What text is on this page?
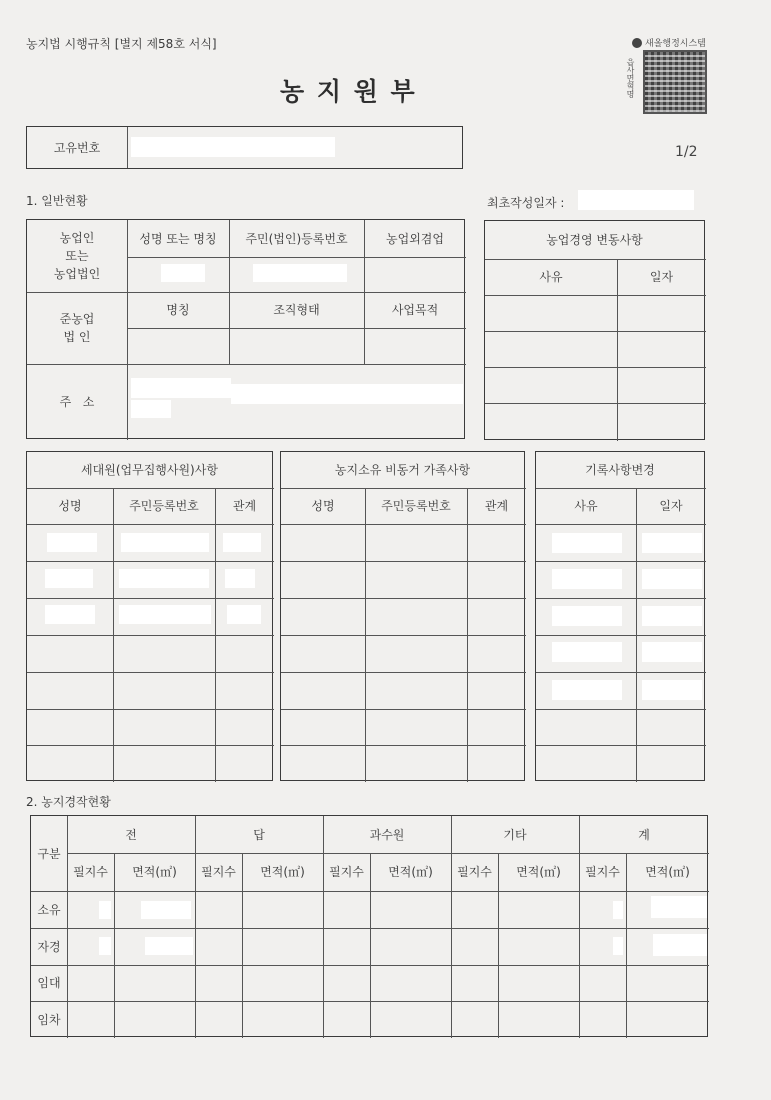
농지법 시행규칙 [별지 제58호 서식]
농 지 원 부
새올행정시스템
읍사면혁명
1/2
고유번호
1. 일반현황	최초작성일자 :
농업인
또는
농업법인
성명 또는 명칭	주민(법인)등록번호	농업외겸업
준농업
법 인
명칭	조직형태	사업목적
주   소
농업경영 변동사항
사유	일자
세대원(업무집행사원)사항
성명	주민등록번호	관계
농지소유 비동거 가족사항
성명	주민등록번호	관계
기록사항변경
사유	일자
2. 농지경작현황
구분
전	답	과수원	기타	계
필지수	면적(㎡)	필지수	면적(㎡)	필지수	면적(㎡)	필지수	면적(㎡)	필지수	면적(㎡)
소유
자경
임대
임차
